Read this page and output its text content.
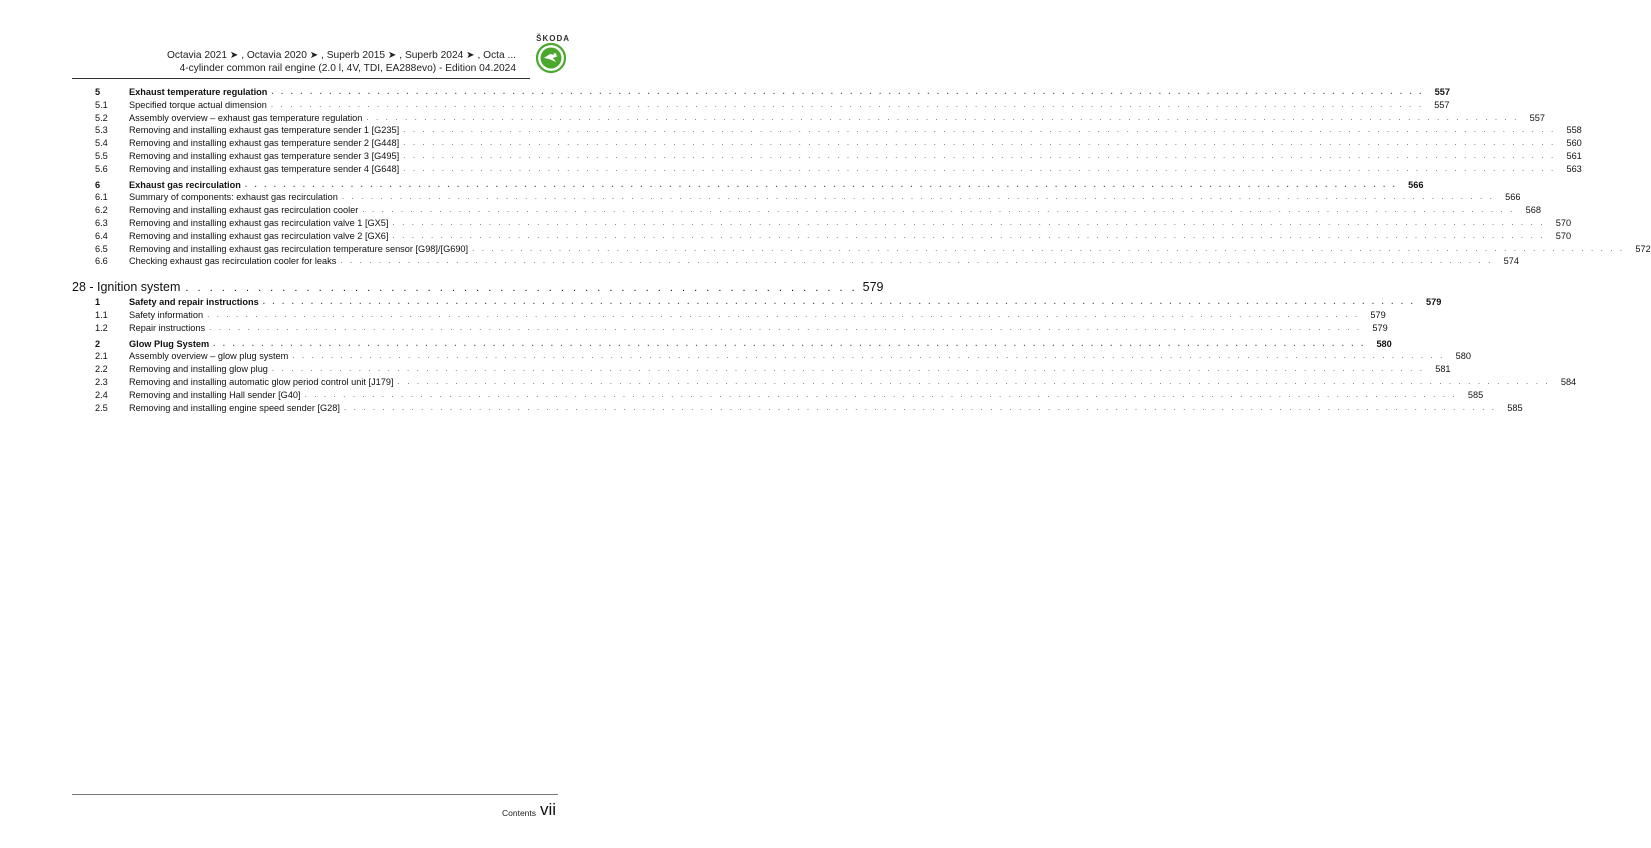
ŠKODA
Octavia 2021 ➤ , Octavia 2020 ➤ , Superb 2015 ➤ , Superb 2024 ➤ , Octa ...
4-cylinder common rail engine (2.0 l, 4V, TDI, EA288evo) - Edition 04.2024
5	Exhaust temperature regulation . . . . . . . . . . . . . . . . . . . . . . . . . . . . . . . . . . . . . . . . . . . . . . . . . . . . . . . . . . . . . . . . . . . . . . . . . . . . . . . . . . . . . . . . . . . . . . . . . . . . . . . . . . . . . . . . . . . . . . . .	557
5.1	Specified torque actual dimension . . . . . . . . . . . . . . . . . . . . . . . . . . . . . . . . . . . . . . . . . . . . . . . . . . . . . . . . . . . . . . . . . . . . . . . . . . . . . . . . . . . . . . . . . . . . . . . . . . . . . . . . . . . . . . . . . . . . . . . .	557
5.2	Assembly overview – exhaust gas temperature regulation . . . . . . . . . . . . . . . . . . . . . . . . . . . . . . . . . . . . . . . . . . . . . . . . . . . . . . . . . . . . . . . . . . . . . . . . . . . . . . . . . . . . . . . . . . . . . . . . . . . . . . . . . . . . . . . . . . . . . . . .	557
5.3	Removing and installing exhaust gas temperature sender 1 [G235] . . . . . . . . . . . . . . . . . . . . . . . . . . . . . . . . . . . . . . . . . . . . . . . . . . . . . . . . . . . . . . . . . . . . . . . . . . . . . . . . . . . . . . . . . . . . . . . . . . . . . . . . . . . . . . . . . . . . . . . .	558
5.4	Removing and installing exhaust gas temperature sender 2 [G448] . . . . . . . . . . . . . . . . . . . . . . . . . . . . . . . . . . . . . . . . . . . . . . . . . . . . . . . . . . . . . . . . . . . . . . . . . . . . . . . . . . . . . . . . . . . . . . . . . . . . . . . . . . . . . . . . . . . . . . . .	560
5.5	Removing and installing exhaust gas temperature sender 3 [G495] . . . . . . . . . . . . . . . . . . . . . . . . . . . . . . . . . . . . . . . . . . . . . . . . . . . . . . . . . . . . . . . . . . . . . . . . . . . . . . . . . . . . . . . . . . . . . . . . . . . . . . . . . . . . . . . . . . . . . . . .	561
5.6	Removing and installing exhaust gas temperature sender 4 [G648] . . . . . . . . . . . . . . . . . . . . . . . . . . . . . . . . . . . . . . . . . . . . . . . . . . . . . . . . . . . . . . . . . . . . . . . . . . . . . . . . . . . . . . . . . . . . . . . . . . . . . . . . . . . . . . . . . . . . . . . .	563
6	Exhaust gas recirculation . . . . . . . . . . . . . . . . . . . . . . . . . . . . . . . . . . . . . . . . . . . . . . . . . . . . . . . . . . . . . . . . . . . . . . . . . . . . . . . . . . . . . . . . . . . . . . . . . . . . . . . . . . . . . . . . . . . . . . . .	566
6.1	Summary of components: exhaust gas recirculation . . . . . . . . . . . . . . . . . . . . . . . . . . . . . . . . . . . . . . . . . . . . . . . . . . . . . . . . . . . . . . . . . . . . . . . . . . . . . . . . . . . . . . . . . . . . . . . . . . . . . . . . . . . . . . . . . . . . . . . .	566
6.2	Removing and installing exhaust gas recirculation cooler . . . . . . . . . . . . . . . . . . . . . . . . . . . . . . . . . . . . . . . . . . . . . . . . . . . . . . . . . . . . . . . . . . . . . . . . . . . . . . . . . . . . . . . . . . . . . . . . . . . . . . . . . . . . . . . . . . . . . . . .	568
6.3	Removing and installing exhaust gas recirculation valve 1 [GX5] . . . . . . . . . . . . . . . . . . . . . . . . . . . . . . . . . . . . . . . . . . . . . . . . . . . . . . . . . . . . . . . . . . . . . . . . . . . . . . . . . . . . . . . . . . . . . . . . . . . . . . . . . . . . . . . . . . . . . . . .	570
6.4	Removing and installing exhaust gas recirculation valve 2 [GX6] . . . . . . . . . . . . . . . . . . . . . . . . . . . . . . . . . . . . . . . . . . . . . . . . . . . . . . . . . . . . . . . . . . . . . . . . . . . . . . . . . . . . . . . . . . . . . . . . . . . . . . . . . . . . . . . . . . . . . . . .	570
6.5	Removing and installing exhaust gas recirculation temperature sensor [G98]/[G690] . . . . . . . . . . . . . . . . . . . . . . . . . . . . . . . . . . . . . . . . . . . . . . . . . . . . . . . . . . . . . . . . . . . . . . . . . . . . . . . . . . . . . . . . . . . . . . . . . . . . . . . . . . . . . . . . . . . . . . . .	572
6.6	Checking exhaust gas recirculation cooler for leaks . . . . . . . . . . . . . . . . . . . . . . . . . . . . . . . . . . . . . . . . . . . . . . . . . . . . . . . . . . . . . . . . . . . . . . . . . . . . . . . . . . . . . . . . . . . . . . . . . . . . . . . . . . . . . . . . . . . . . . . .	574
28 - Ignition system . . . . . . . . . . . . . . . . . . . . . . . . . . . . . . . . . . . . . . . . . . . . . . . . . . . . . . . . 579
1	Safety and repair instructions . . . . . . . . . . . . . . . . . . . . . . . . . . . . . . . . . . . . . . . . . . . . . . . . . . . . . . . . . . . . . . . . . . . . . . . . . . . . . . . . . . . . . . . . . . . . . . . . . . . . . . . . . . . . . . . . . . . . . . . .	579
1.1	Safety information . . . . . . . . . . . . . . . . . . . . . . . . . . . . . . . . . . . . . . . . . . . . . . . . . . . . . . . . . . . . . . . . . . . . . . . . . . . . . . . . . . . . . . . . . . . . . . . . . . . . . . . . . . . . . . . . . . . . . . . .	579
1.2	Repair instructions . . . . . . . . . . . . . . . . . . . . . . . . . . . . . . . . . . . . . . . . . . . . . . . . . . . . . . . . . . . . . . . . . . . . . . . . . . . . . . . . . . . . . . . . . . . . . . . . . . . . . . . . . . . . . . . . . . . . . . . .	579
2	Glow Plug System . . . . . . . . . . . . . . . . . . . . . . . . . . . . . . . . . . . . . . . . . . . . . . . . . . . . . . . . . . . . . . . . . . . . . . . . . . . . . . . . . . . . . . . . . . . . . . . . . . . . . . . . . . . . . . . . . . . . . . . .	580
2.1	Assembly overview – glow plug system . . . . . . . . . . . . . . . . . . . . . . . . . . . . . . . . . . . . . . . . . . . . . . . . . . . . . . . . . . . . . . . . . . . . . . . . . . . . . . . . . . . . . . . . . . . . . . . . . . . . . . . . . . . . . . . . . . . . . . . .	580
2.2	Removing and installing glow plug . . . . . . . . . . . . . . . . . . . . . . . . . . . . . . . . . . . . . . . . . . . . . . . . . . . . . . . . . . . . . . . . . . . . . . . . . . . . . . . . . . . . . . . . . . . . . . . . . . . . . . . . . . . . . . . . . . . . . . . .	581
2.3	Removing and installing automatic glow period control unit [J179] . . . . . . . . . . . . . . . . . . . . . . . . . . . . . . . . . . . . . . . . . . . . . . . . . . . . . . . . . . . . . . . . . . . . . . . . . . . . . . . . . . . . . . . . . . . . . . . . . . . . . . . . . . . . . . . . . . . . . . . .	584
2.4	Removing and installing Hall sender [G40] . . . . . . . . . . . . . . . . . . . . . . . . . . . . . . . . . . . . . . . . . . . . . . . . . . . . . . . . . . . . . . . . . . . . . . . . . . . . . . . . . . . . . . . . . . . . . . . . . . . . . . . . . . . . . . . . . . . . . . . .	585
2.5	Removing and installing engine speed sender [G28] . . . . . . . . . . . . . . . . . . . . . . . . . . . . . . . . . . . . . . . . . . . . . . . . . . . . . . . . . . . . . . . . . . . . . . . . . . . . . . . . . . . . . . . . . . . . . . . . . . . . . . . . . . . . . . . . . . . . . . . .	585
Contents vii
